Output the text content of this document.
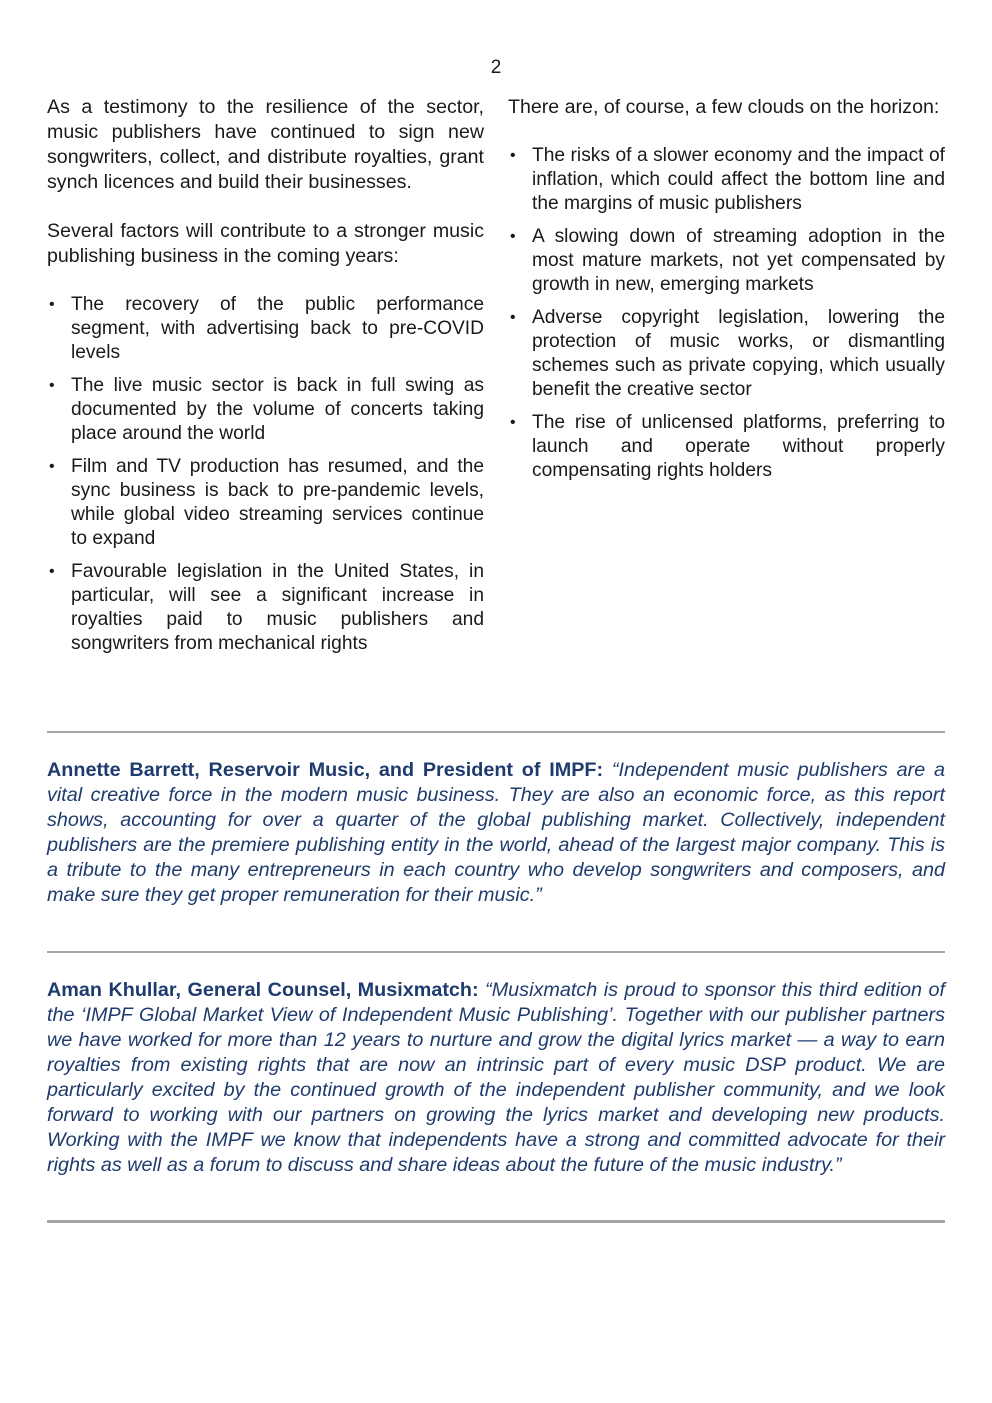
2

As a testimony to the resilience of the sector, music publishers have continued to sign new songwriters, collect, and distribute royalties, grant synch licences and build their businesses.

Several factors will contribute to a stronger music publishing business in the coming years:

• The recovery of the public performance segment, with advertising back to pre-COVID levels
• The live music sector is back in full swing as documented by the volume of concerts taking place around the world
• Film and TV production has resumed, and the sync business is back to pre-pandemic levels, while global video streaming services continue to expand
• Favourable legislation in the United States, in particular, will see a significant increase in royalties paid to music publishers and songwriters from mechanical rights

There are, of course, a few clouds on the horizon:

• The risks of a slower economy and the impact of inflation, which could affect the bottom line and the margins of music publishers
• A slowing down of streaming adoption in the most mature markets, not yet compensated by growth in new, emerging markets
• Adverse copyright legislation, lowering the protection of music works, or dismantling schemes such as private copying, which usually benefit the creative sector
• The rise of unlicensed platforms, preferring to launch and operate without properly compensating rights holders
Annette Barrett, Reservoir Music, and President of IMPF: “Independent music publishers are a vital creative force in the modern music business. They are also an economic force, as this report shows, accounting for over a quarter of the global publishing market. Collectively, independent publishers are the premiere publishing entity in the world, ahead of the largest major company. This is a tribute to the many entrepreneurs in each country who develop songwriters and composers, and make sure they get proper remuneration for their music.”
Aman Khullar, General Counsel, Musixmatch: “Musixmatch is proud to sponsor this third edition of the ‘IMPF Global Market View of Independent Music Publishing’. Together with our publisher partners we have worked for more than 12 years to nurture and grow the digital lyrics market — a way to earn royalties from existing rights that are now an intrinsic part of every music DSP product. We are particularly excited by the continued growth of the independent publisher community, and we look forward to working with our partners on growing the lyrics market and developing new products. Working with the IMPF we know that independents have a strong and committed advocate for their rights as well as a forum to discuss and share ideas about the future of the music industry.”
